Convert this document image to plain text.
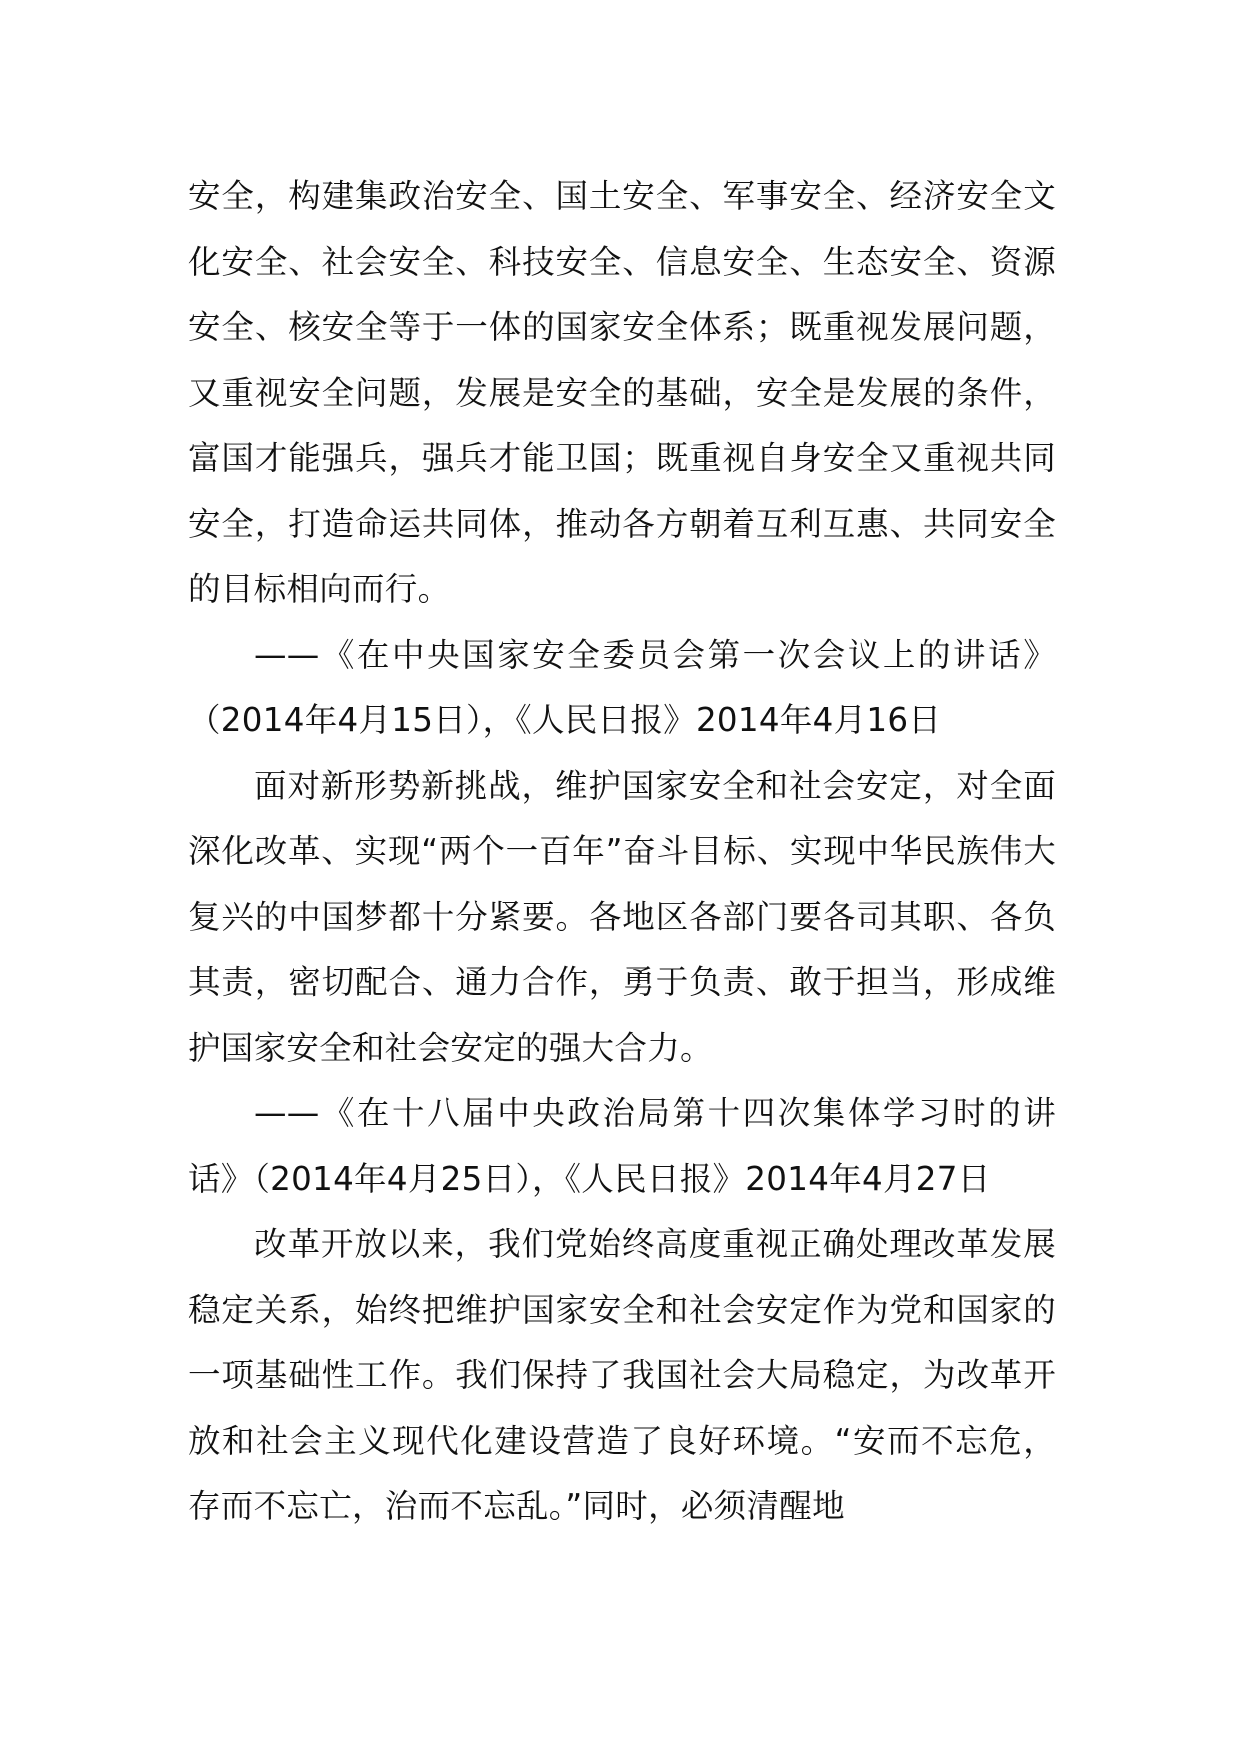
安全，构建集政治安全、国土安全、军事安全、经济安全文化安全、社会安全、科技安全、信息安全、生态安全、资源安全、核安全等于一体的国家安全体系；既重视发展问题，又重视安全问题，发展是安全的基础，安全是发展的条件，富国才能强兵，强兵才能卫国；既重视自身安全又重视共同安全，打造命运共同体，推动各方朝着互利互惠、共同安全的目标相向而行。

——《在中央国家安全委员会第一次会议上的讲话》（2014年4月15日），《人民日报》2014年4月16日

面对新形势新挑战，维护国家安全和社会安定，对全面深化改革、实现“两个一百年”奋斗目标、实现中华民族伟大复兴的中国梦都十分紧要。各地区各部门要各司其职、各负其责，密切配合、通力合作，勇于负责、敢于担当，形成维护国家安全和社会安定的强大合力。

——《在十八届中央政治局第十四次集体学习时的讲话》（2014年4月25日），《人民日报》2014年4月27日

改革开放以来，我们党始终高度重视正确处理改革发展稳定关系，始终把维护国家安全和社会安定作为党和国家的一项基础性工作。我们保持了我国社会大局稳定，为改革开放和社会主义现代化建设营造了良好环境。“安而不忘危，存而不忘亡，治而不忘乱。”同时，必须清醒地
